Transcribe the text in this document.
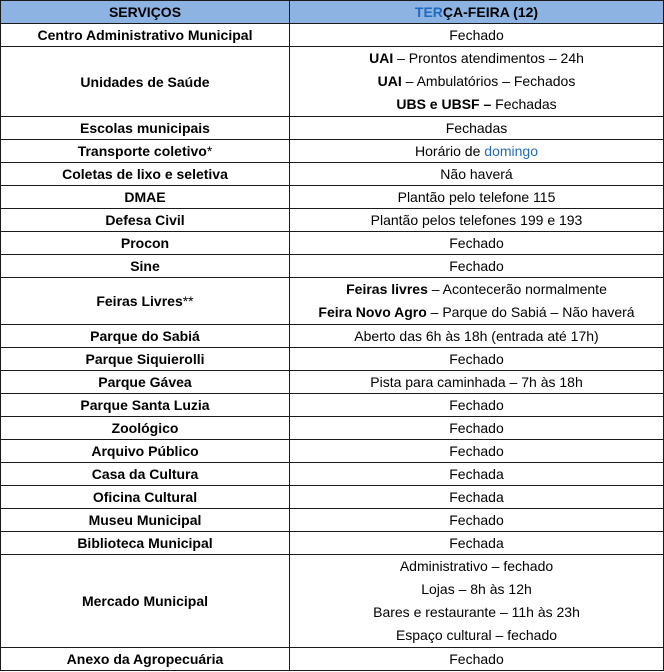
SERVIÇOS	TERÇA-FEIRA (12)
Centro Administrativo Municipal	Fechado
Unidades de Saúde	UAI – Prontos atendimentos – 24h
UAI – Ambulatórios – Fechados
UBS e UBSF – Fechadas

Escolas municipais	Fechadas
Transporte coletivo*	Horário de domingo
Coletas de lixo e seletiva	Não haverá
DMAE	Plantão pelo telefone 115
Defesa Civil	Plantão pelos telefones 199 e 193
Procon	Fechado
Sine	Fechado
Feiras Livres**	Feiras livres – Acontecerão normalmente
Feira Novo Agro – Parque do Sabiá – Não haverá

Parque do Sabiá	Aberto das 6h às 18h (entrada até 17h)
Parque Siquierolli	Fechado
Parque Gávea	Pista para caminhada – 7h às 18h
Parque Santa Luzia	Fechado
Zoológico	Fechado
Arquivo Público	Fechado
Casa da Cultura	Fechada
Oficina Cultural	Fechada
Museu Municipal	Fechado
Biblioteca Municipal	Fechada
Mercado Municipal	Administrativo – fechado
Lojas – 8h às 12h
Bares e restaurante – 11h às 23h
Espaço cultural – fechado

Anexo da Agropecuária	Fechado
